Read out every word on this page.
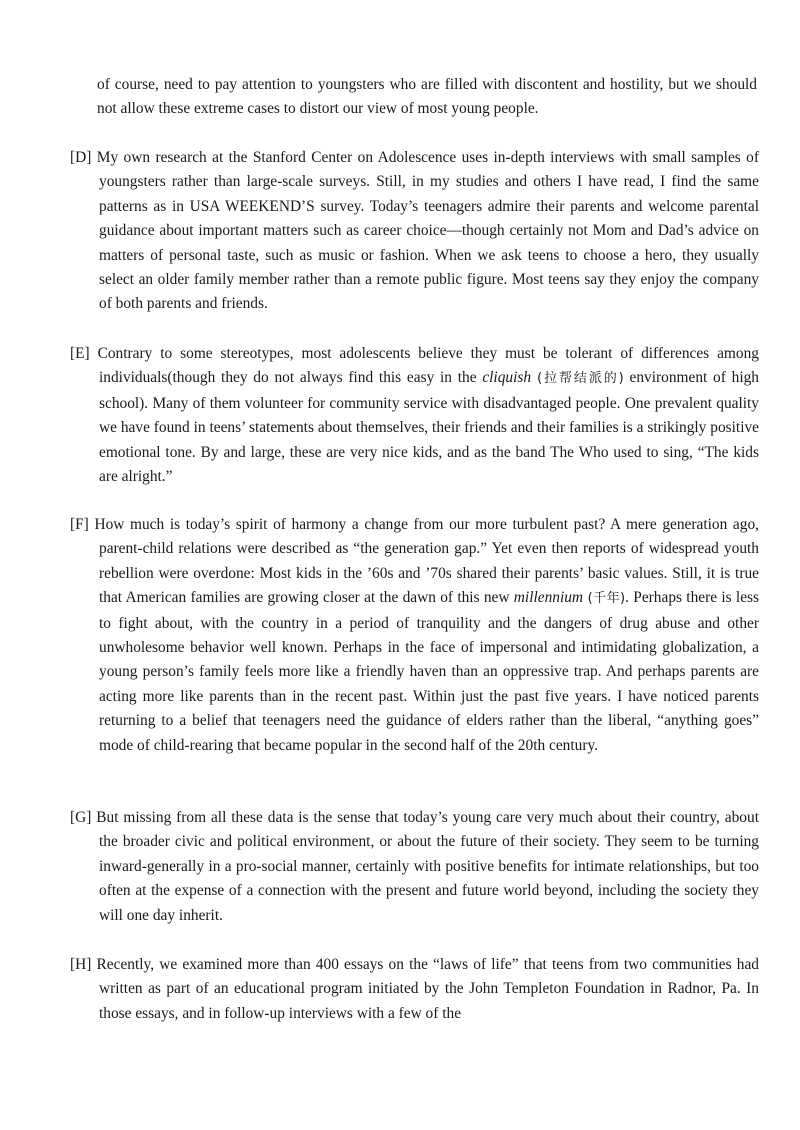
of course, need to pay attention to youngsters who are filled with discontent and hostility, but we should not allow these extreme cases to distort our view of most young people.

[D] My own research at the Stanford Center on Adolescence uses in-depth interviews with small samples of youngsters rather than large-scale surveys. Still, in my studies and others I have read, I find the same patterns as in USA WEEKEND’S survey. Today’s teenagers admire their parents and welcome parental guidance about important matters such as career choice—though certainly not Mom and Dad’s advice on matters of personal taste, such as music or fashion. When we ask teens to choose a hero, they usually select an older family member rather than a remote public figure. Most teens say they enjoy the company of both parents and friends.

[E] Contrary to some stereotypes, most adolescents believe they must be tolerant of differences among individuals(though they do not always find this easy in the cliquish (拉帮结派的) environment of high school). Many of them volunteer for community service with disadvantaged people. One prevalent quality we have found in teens’ statements about themselves, their friends and their families is a strikingly positive emotional tone. By and large, these are very nice kids, and as the band The Who used to sing, “The kids are alright.”

[F] How much is today’s spirit of harmony a change from our more turbulent past? A mere generation ago, parent-child relations were described as “the generation gap.” Yet even then reports of widespread youth rebellion were overdone: Most kids in the ’60s and ’70s shared their parents’ basic values. Still, it is true that American families are growing closer at the dawn of this new millennium (千年). Perhaps there is less to fight about, with the country in a period of tranquility and the dangers of drug abuse and other unwholesome behavior well known. Perhaps in the face of impersonal and intimidating globalization, a young person’s family feels more like a friendly haven than an oppressive trap. And perhaps parents are acting more like parents than in the recent past. Within just the past five years. I have noticed parents returning to a belief that teenagers need the guidance of elders rather than the liberal, “anything goes” mode of child-rearing that became popular in the second half of the 20th century.

[G] But missing from all these data is the sense that today’s young care very much about their country, about the broader civic and political environment, or about the future of their society. They seem to be turning inward-generally in a pro-social manner, certainly with positive benefits for intimate relationships, but too often at the expense of a connection with the present and future world beyond, including the society they will one day inherit.

[H] Recently, we examined more than 400 essays on the “laws of life” that teens from two communities had written as part of an educational program initiated by the John Templeton Foundation in Radnor, Pa. In those essays, and in follow-up interviews with a few of the
